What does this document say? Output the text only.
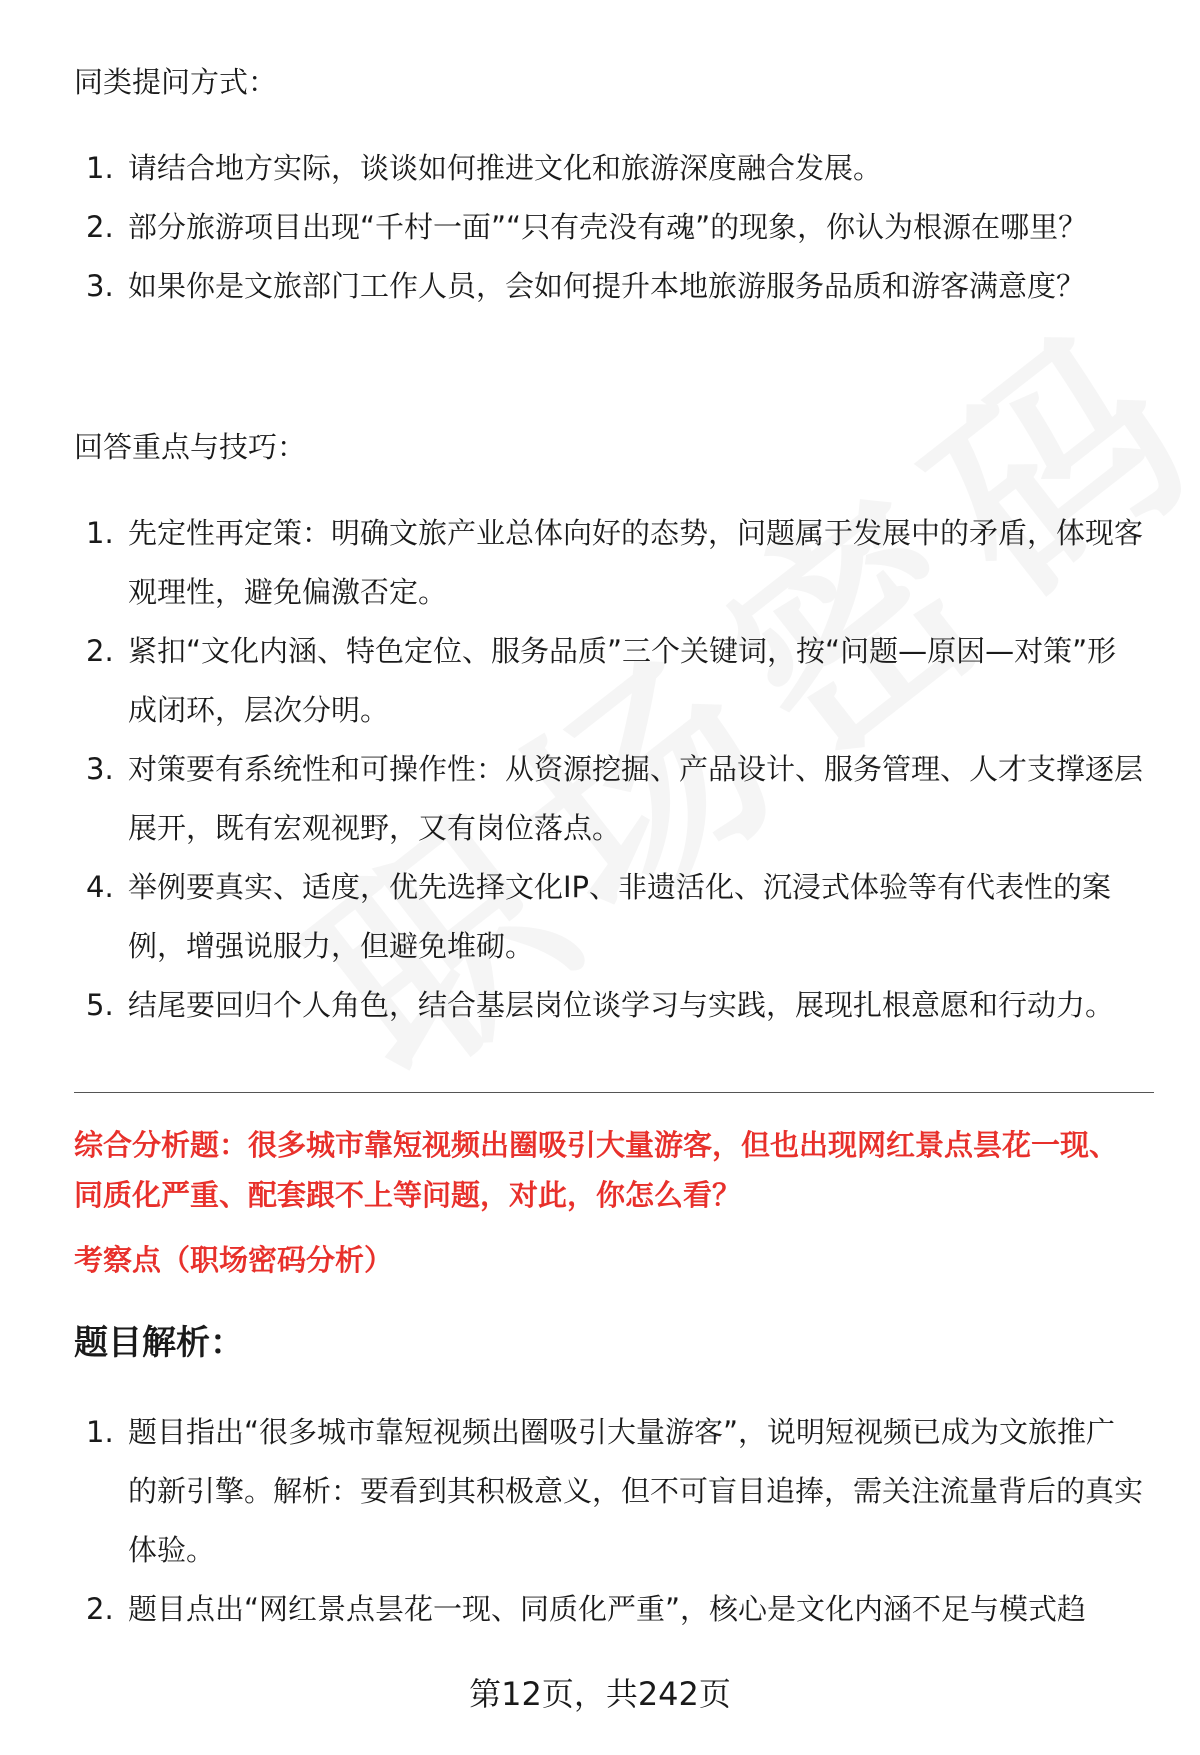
同类提问方式：
1. 请结合地方实际，谈谈如何推进文化和旅游深度融合发展。
2. 部分旅游项目出现“千村一面”“只有壳没有魂”的现象，你认为根源在哪里？
3. 如果你是文旅部门工作人员，会如何提升本地旅游服务品质和游客满意度？
回答重点与技巧：
1. 先定性再定策：明确文旅产业总体向好的态势，问题属于发展中的矛盾，体现客观理性，避免偏激否定。
2. 紧扣“文化内涵、特色定位、服务品质”三个关键词，按“问题—原因—对策”形成闭环，层次分明。
3. 对策要有系统性和可操作性：从资源挖掘、产品设计、服务管理、人才支撑逐层展开，既有宏观视野，又有岗位落点。
4. 举例要真实、适度，优先选择文化IP、非遗活化、沉浸式体验等有代表性的案例，增强说服力，但避免堆砌。
5. 结尾要回归个人角色，结合基层岗位谈学习与实践，展现扎根意愿和行动力。
综合分析题：很多城市靠短视频出圈吸引大量游客，但也出现网红景点昙花一现、同质化严重、配套跟不上等问题，对此，你怎么看？
考察点（职场密码分析）
题目解析：
1. 题目指出“很多城市靠短视频出圈吸引大量游客”，说明短视频已成为文旅推广的新引擎。解析：要看到其积极意义，但不可盲目追捧，需关注流量背后的真实体验。
2. 题目点出“网红景点昙花一现、同质化严重”，核心是文化内涵不足与模式趋
第12页，共242页
